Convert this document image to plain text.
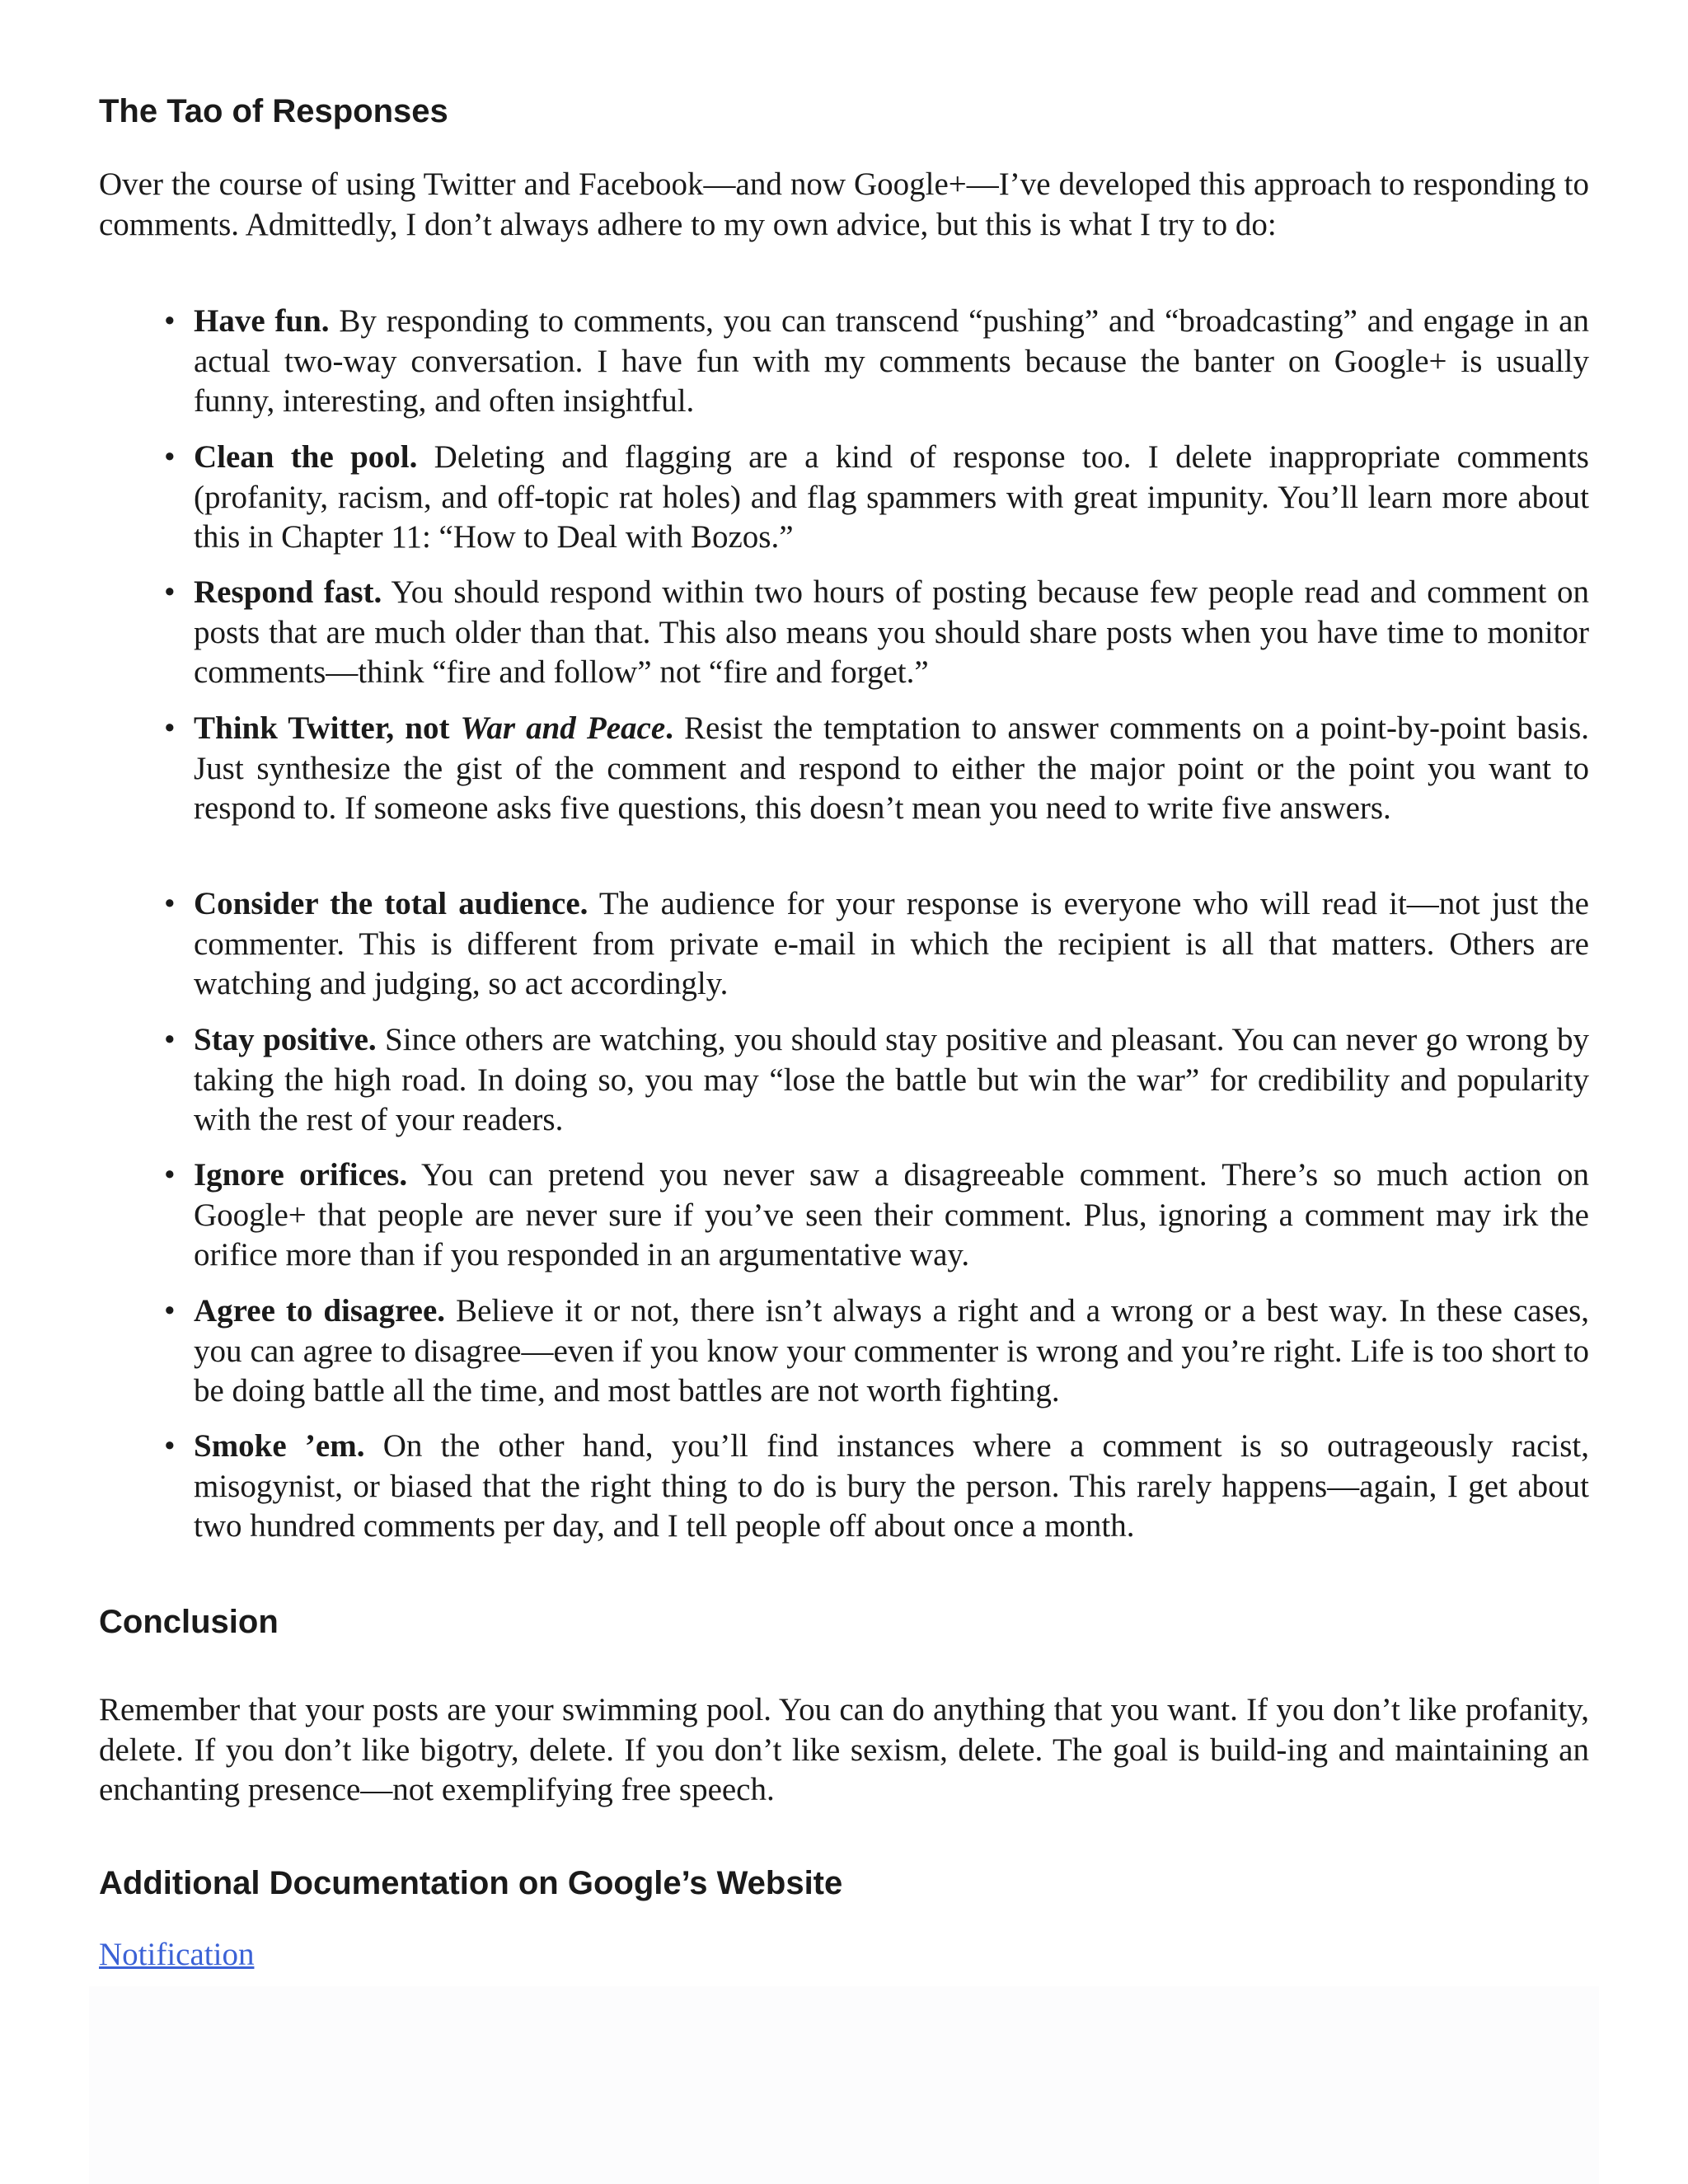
The Tao of Responses

Over the course of using Twitter and Facebook—and now Google+—I’ve developed this approach to responding to comments. Admittedly, I don’t always adhere to my own advice, but this is what I try to do:

• Have fun. By responding to comments, you can transcend “pushing” and “broadcasting” and engage in an actual two-way conversation. I have fun with my comments because the banter on Google+ is usually funny, interesting, and often insightful.
• Clean the pool. Deleting and flagging are a kind of response too. I delete inappropriate comments (profanity, racism, and off-topic rat holes) and flag spammers with great impunity. You’ll learn more about this in Chapter 11: “How to Deal with Bozos.”
• Respond fast. You should respond within two hours of posting because few people read and comment on posts that are much older than that. This also means you should share posts when you have time to monitor comments—think “fire and follow” not “fire and forget.”
• Think Twitter, not War and Peace. Resist the temptation to answer comments on a point-by-point basis. Just synthesize the gist of the comment and respond to either the major point or the point you want to respond to. If someone asks five questions, this doesn’t mean you need to write five answers.
• Consider the total audience. The audience for your response is everyone who will read it—not just the commenter. This is different from private e-mail in which the recipient is all that matters. Others are watching and judging, so act accordingly.
• Stay positive. Since others are watching, you should stay positive and pleasant. You can never go wrong by taking the high road. In doing so, you may “lose the battle but win the war” for credibility and popularity with the rest of your readers.
• Ignore orifices. You can pretend you never saw a disagreeable comment. There’s so much action on Google+ that people are never sure if you’ve seen their comment. Plus, ignoring a comment may irk the orifice more than if you responded in an argumentative way.
• Agree to disagree. Believe it or not, there isn’t always a right and a wrong or a best way. In these cases, you can agree to disagree—even if you know your commenter is wrong and you’re right. Life is too short to be doing battle all the time, and most battles are not worth fighting.
• Smoke ’em. On the other hand, you’ll find instances where a comment is so outrageously racist, misogynist, or biased that the right thing to do is bury the person. This rarely happens—again, I get about two hundred comments per day, and I tell people off about once a month.
Conclusion

Remember that your posts are your swimming pool. You can do anything that you want. If you don’t like profanity, delete. If you don’t like bigotry, delete. If you don’t like sexism, delete. The goal is build-ing and maintaining an enchanting presence—not exemplifying free speech.

Additional Documentation on Google’s Website
Notification
